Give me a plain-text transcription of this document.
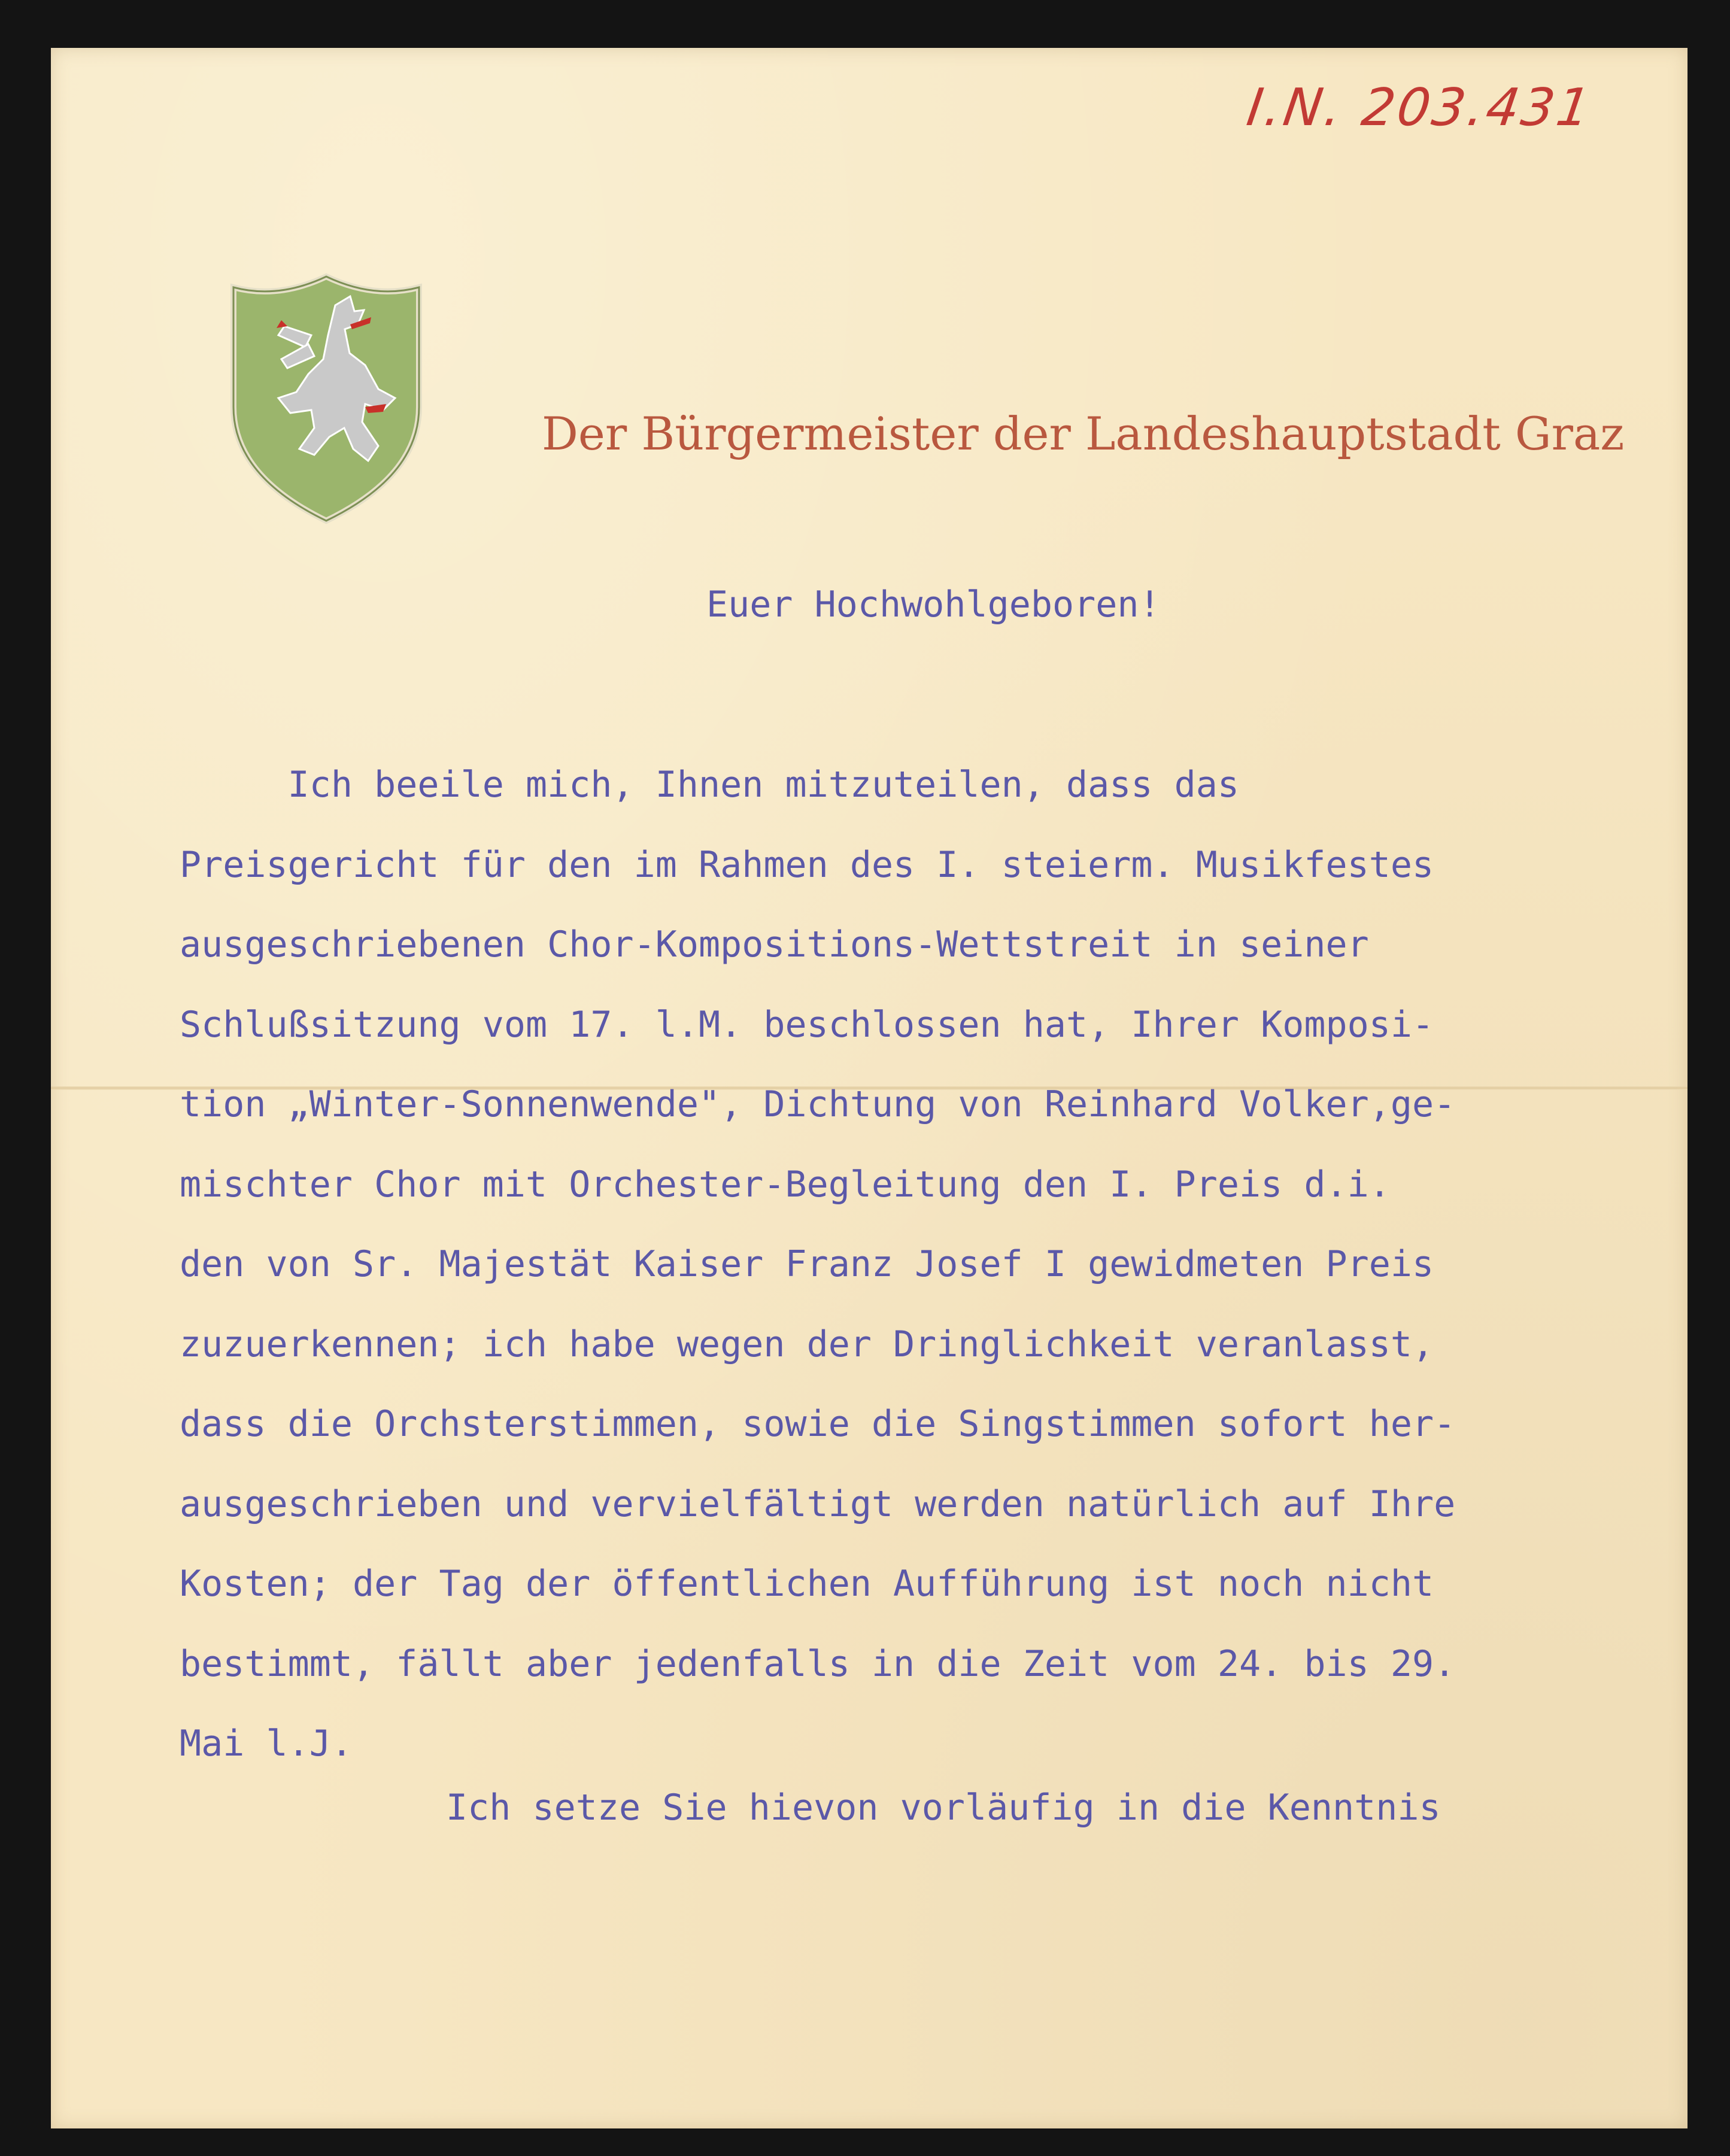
I.N. 203.431
Der Bürgermeister der Landeshauptstadt Graz
Euer Hochwohlgeboren!
Ich beeile mich, Ihnen mitzuteilen, dass das
Preisgericht für den im Rahmen des I. steierm. Musikfestes
ausgeschriebenen Chor-Kompositions-Wettstreit in seiner
Schlußsitzung vom 17. l.M. beschlossen hat, Ihrer Komposi-
tion „Winter-Sonnenwende", Dichtung von Reinhard Volker,ge-
mischter Chor mit Orchester-Begleitung den I. Preis d.i.
den von Sr. Majestät Kaiser Franz Josef I gewidmeten Preis
zuzuerkennen; ich habe wegen der Dringlichkeit veranlasst,
dass die Orchsterstimmen, sowie die Singstimmen sofort her-
ausgeschrieben und vervielfältigt werden natürlich auf Ihre
Kosten; der Tag der öffentlichen Aufführung ist noch nicht
bestimmt, fällt aber jedenfalls in die Zeit vom 24. bis 29.
Mai l.J.
Ich setze Sie hievon vorläufig in die Kenntnis
